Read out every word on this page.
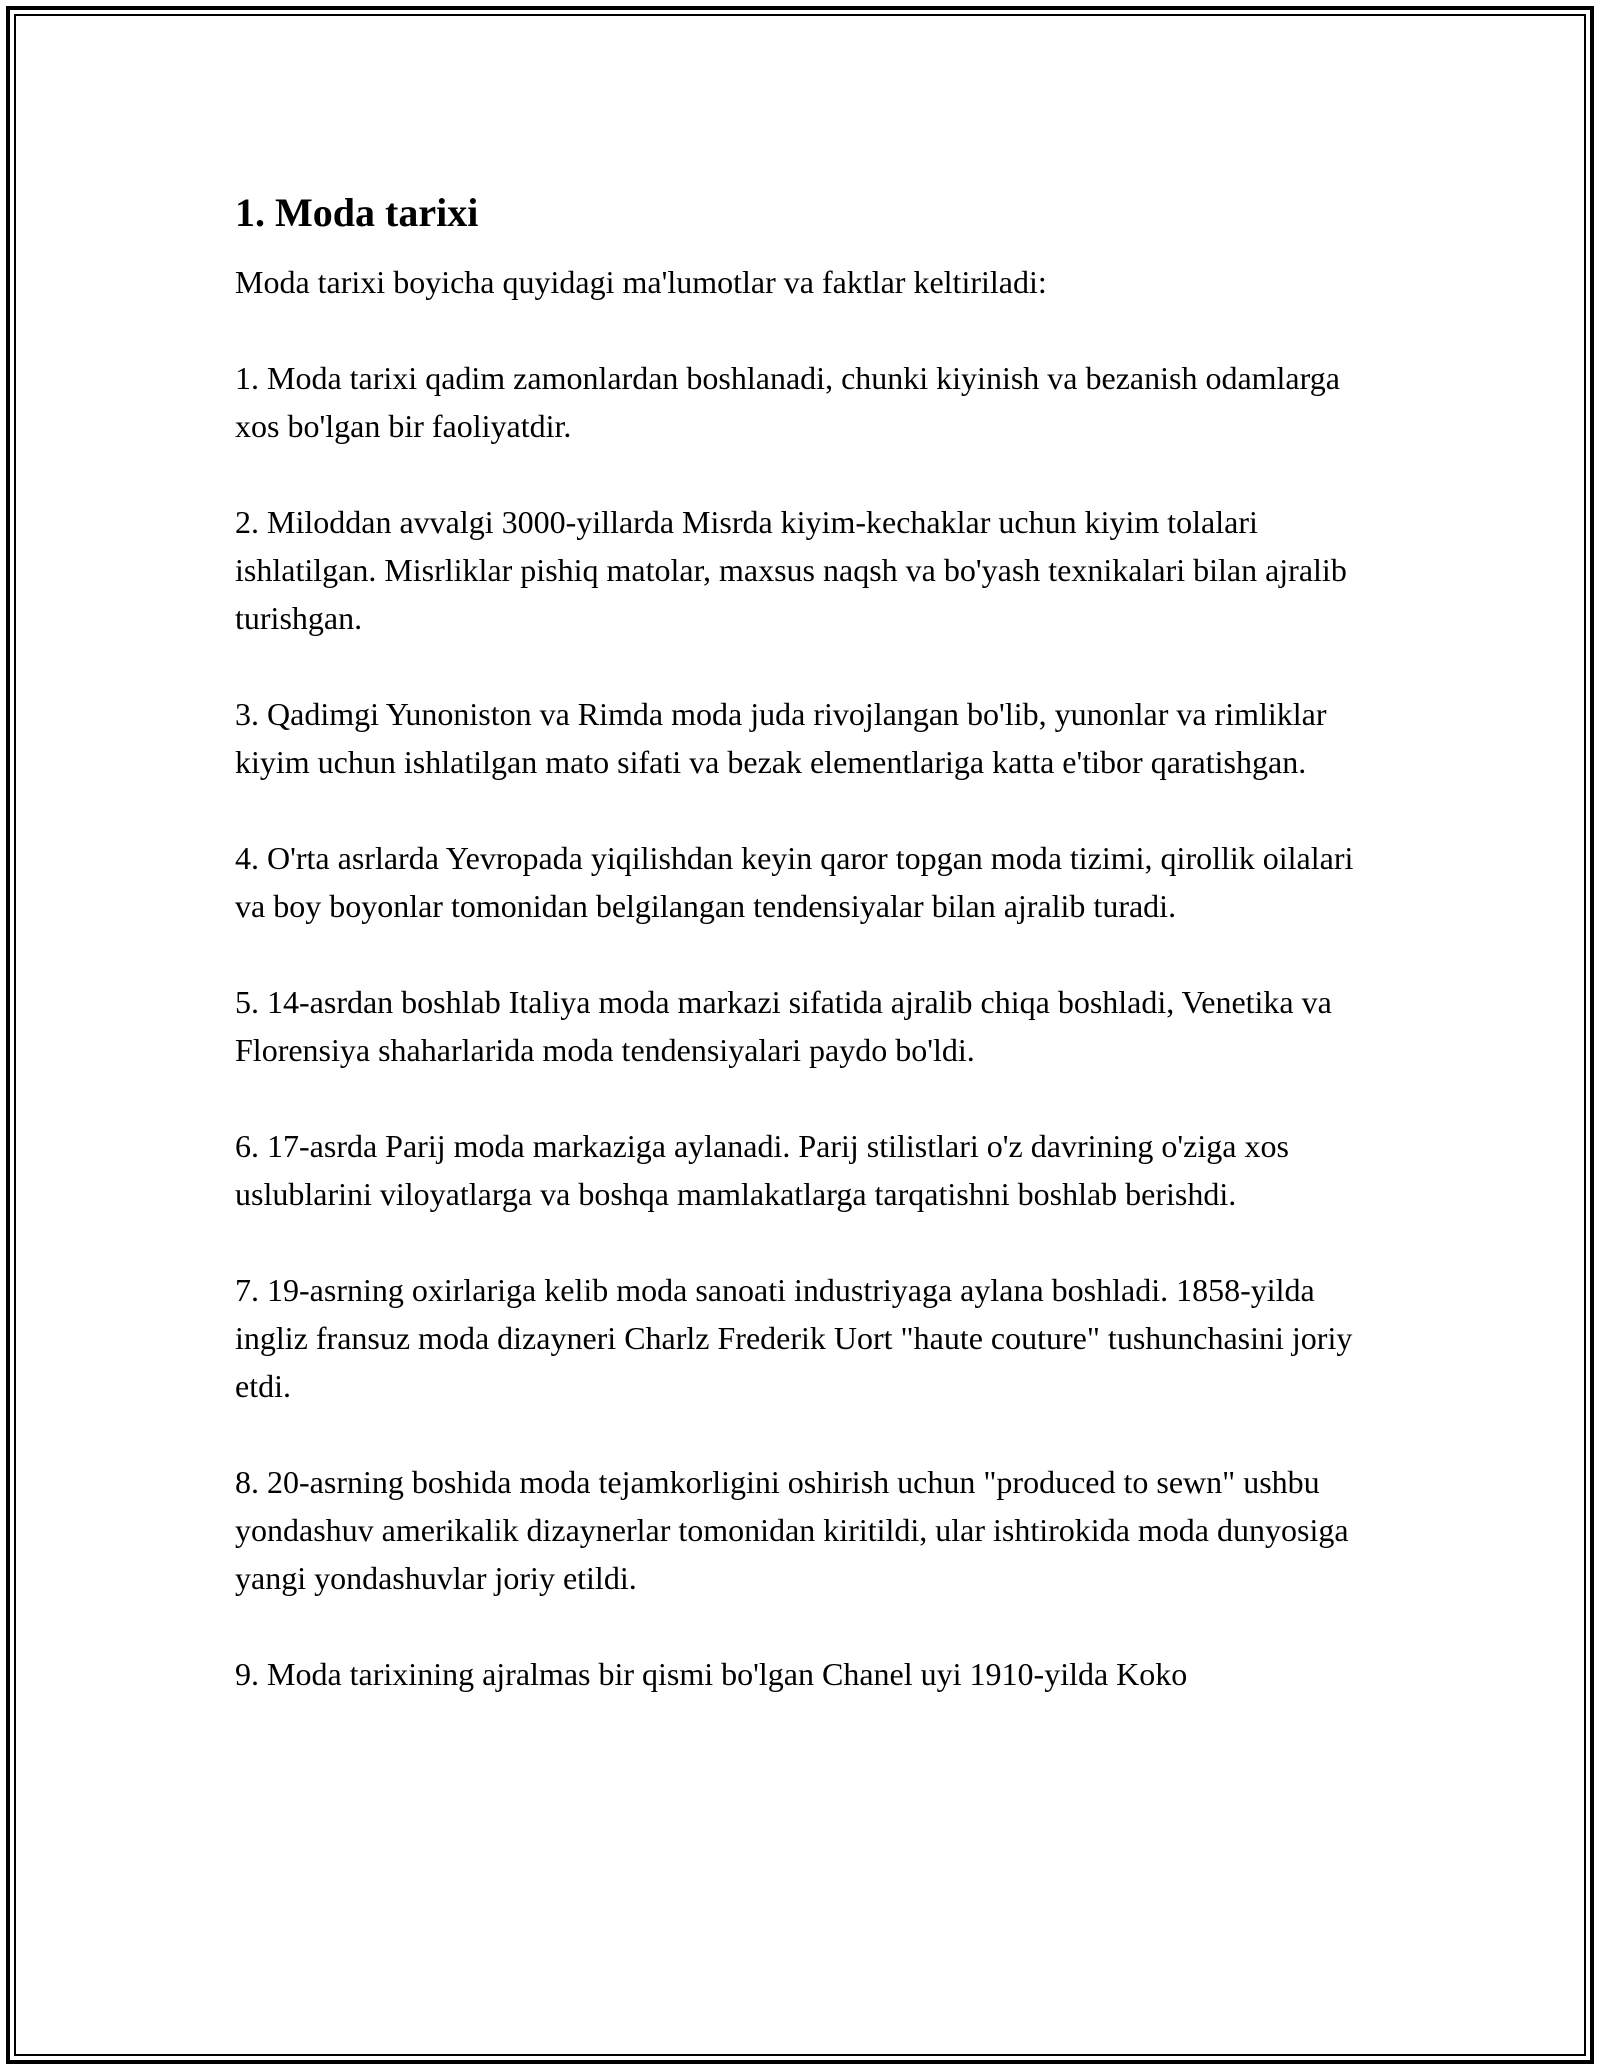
1. Moda tarixi

Moda tarixi boyicha quyidagi ma'lumotlar va faktlar keltiriladi:

1. Moda tarixi qadim zamonlardan boshlanadi, chunki kiyinish va bezanish odamlarga xos bo'lgan bir faoliyatdir.

2. Miloddan avvalgi 3000-yillarda Misrda kiyim-kechaklar uchun kiyim tolalari ishlatilgan. Misrliklar pishiq matolar, maxsus naqsh va bo'yash texnikalari bilan ajralib turishgan.

3. Qadimgi Yunoniston va Rimda moda juda rivojlangan bo'lib, yunonlar va rimliklar kiyim uchun ishlatilgan mato sifati va bezak elementlariga katta e'tibor qaratishgan.

4. O'rta asrlarda Yevropada yiqilishdan keyin qaror topgan moda tizimi, qirollik oilalari va boy boyonlar tomonidan belgilangan tendensiyalar bilan ajralib turadi.

5. 14-asrdan boshlab Italiya moda markazi sifatida ajralib chiqa boshladi, Venetika va Florensiya shaharlarida moda tendensiyalari paydo bo'ldi.

6. 17-asrda Parij moda markaziga aylanadi. Parij stilistlari o'z davrining o'ziga xos uslublarini viloyatlarga va boshqa mamlakatlarga tarqatishni boshlab berishdi.

7. 19-asrning oxirlariga kelib moda sanoati industriyaga aylana boshladi. 1858-yilda ingliz fransuz moda dizayneri Charlz Frederik Uort "haute couture" tushunchasini joriy etdi.

8. 20-asrning boshida moda tejamkorligini oshirish uchun "produced to sewn" ushbu yondashuv amerikalik dizaynerlar tomonidan kiritildi, ular ishtirokida moda dunyosiga yangi yondashuvlar joriy etildi.

9. Moda tarixining ajralmas bir qismi bo'lgan Chanel uyi 1910-yilda Koko
